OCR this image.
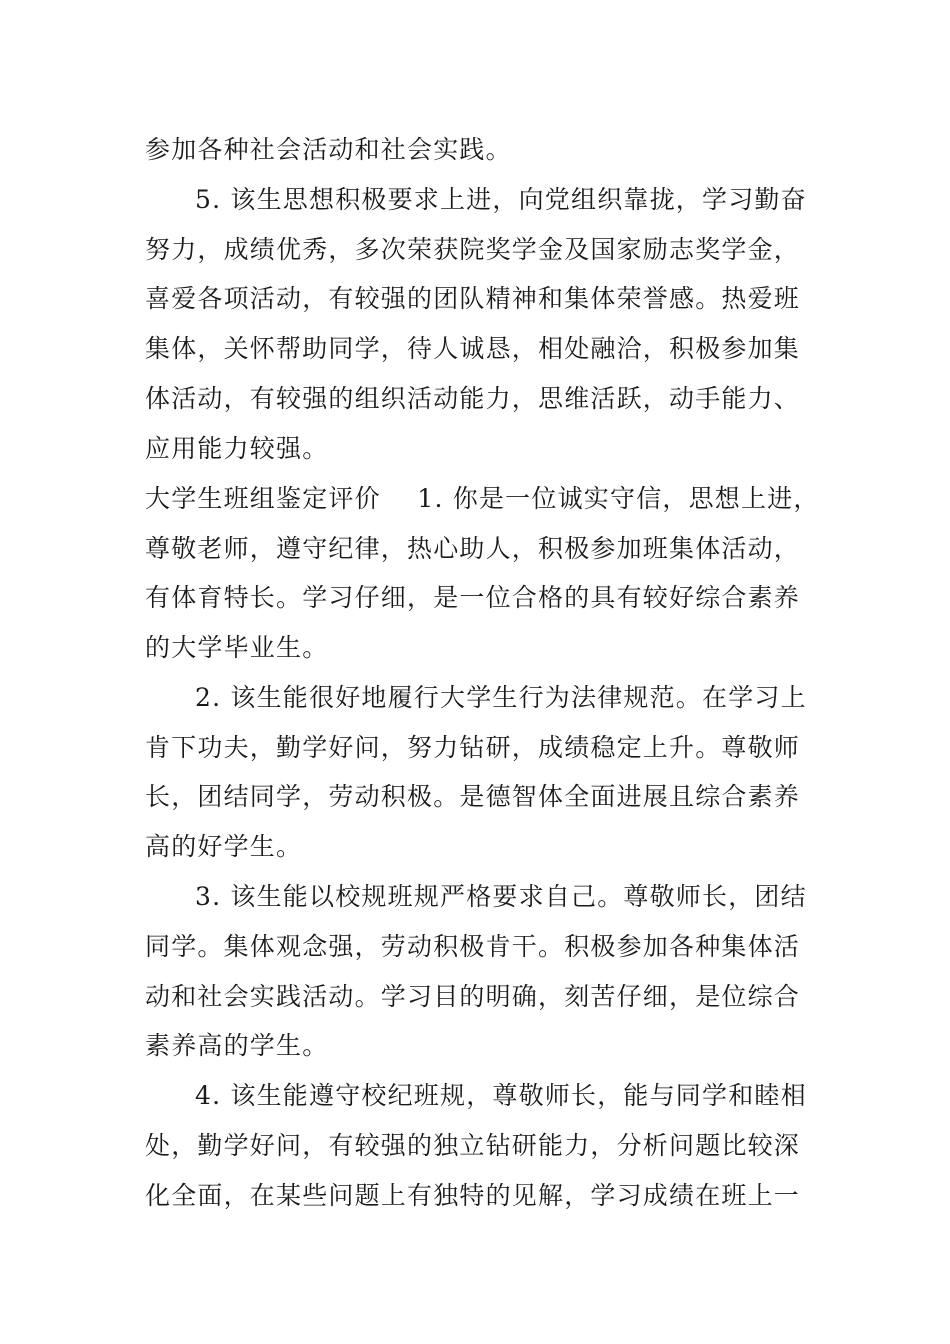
参加各种社会活动和社会实践。
5. 该生思想积极要求上进，向党组织靠拢，学习勤奋
努力，成绩优秀，多次荣获院奖学金及国家励志奖学金，
喜爱各项活动，有较强的团队精神和集体荣誉感。热爱班
集体，关怀帮助同学，待人诚恳，相处融洽，积极参加集
体活动，有较强的组织活动能力，思维活跃，动手能力、
应用能力较强。
大学生班组鉴定评价    1. 你是一位诚实守信，思想上进，
尊敬老师，遵守纪律，热心助人，积极参加班集体活动，
有体育特长。学习仔细，是一位合格的具有较好综合素养
的大学毕业生。
2. 该生能很好地履行大学生行为法律规范。在学习上
肯下功夫，勤学好问，努力钻研，成绩稳定上升。尊敬师
长，团结同学，劳动积极。是德智体全面进展且综合素养
高的好学生。
3. 该生能以校规班规严格要求自己。尊敬师长，团结
同学。集体观念强，劳动积极肯干。积极参加各种集体活
动和社会实践活动。学习目的明确，刻苦仔细，是位综合
素养高的学生。
4. 该生能遵守校纪班规，尊敬师长，能与同学和睦相
处，勤学好问，有较强的独立钻研能力，分析问题比较深
化全面，在某些问题上有独特的见解，学习成绩在班上一
